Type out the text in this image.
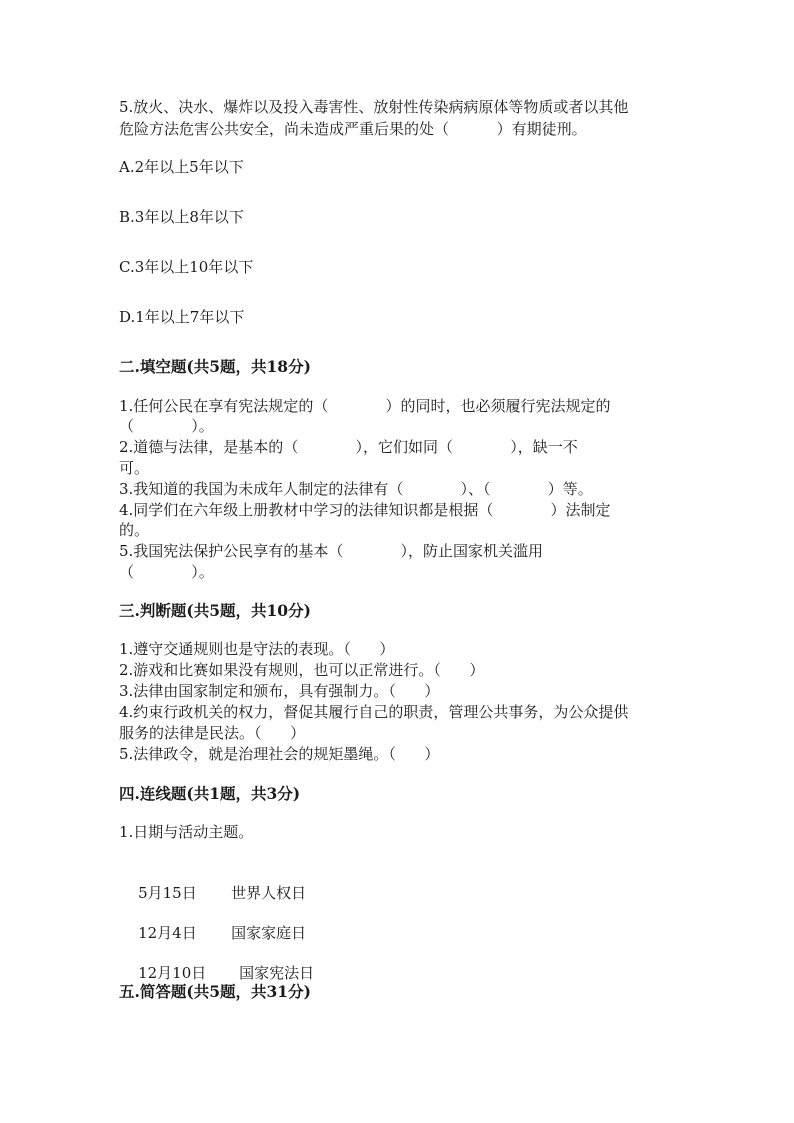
5.放火、决水、爆炸以及投入毒害性、放射性传染病病原体等物质或者以其他
危险方法危害公共安全，尚未造成严重后果的处（          ）有期徒刑。
A.2年以上5年以下
B.3年以上8年以下
C.3年以上10年以下
D.1年以上7年以下
二.填空题(共5题，共18分)
1.任何公民在享有宪法规定的（            ）的同时，也必须履行宪法规定的
（            ）。
2.道德与法律，是基本的（            ），它们如同（            ），缺一不
可。
3.我知道的我国为未成年人制定的法律有（            ）、（            ）等。
4.同学们在六年级上册教材中学习的法律知识都是根据（            ）法制定
的。
5.我国宪法保护公民享有的基本（            ），防止国家机关滥用
（            ）。
三.判断题(共5题，共10分)
1.遵守交通规则也是守法的表现。（      ）
2.游戏和比赛如果没有规则，也可以正常进行。（      ）
3.法律由国家制定和颁布，具有强制力。（      ）
4.约束行政机关的权力，督促其履行自己的职责，管理公共事务，为公众提供
服务的法律是民法。（      ）
5.法律政令，就是治理社会的规矩墨绳。（      ）
四.连线题(共1题，共3分)
1.日期与活动主题。

5月15日 世界人权日

12月4日 国家家庭日

12月10日 国家宪法日

五.简答题(共5题，共31分)
